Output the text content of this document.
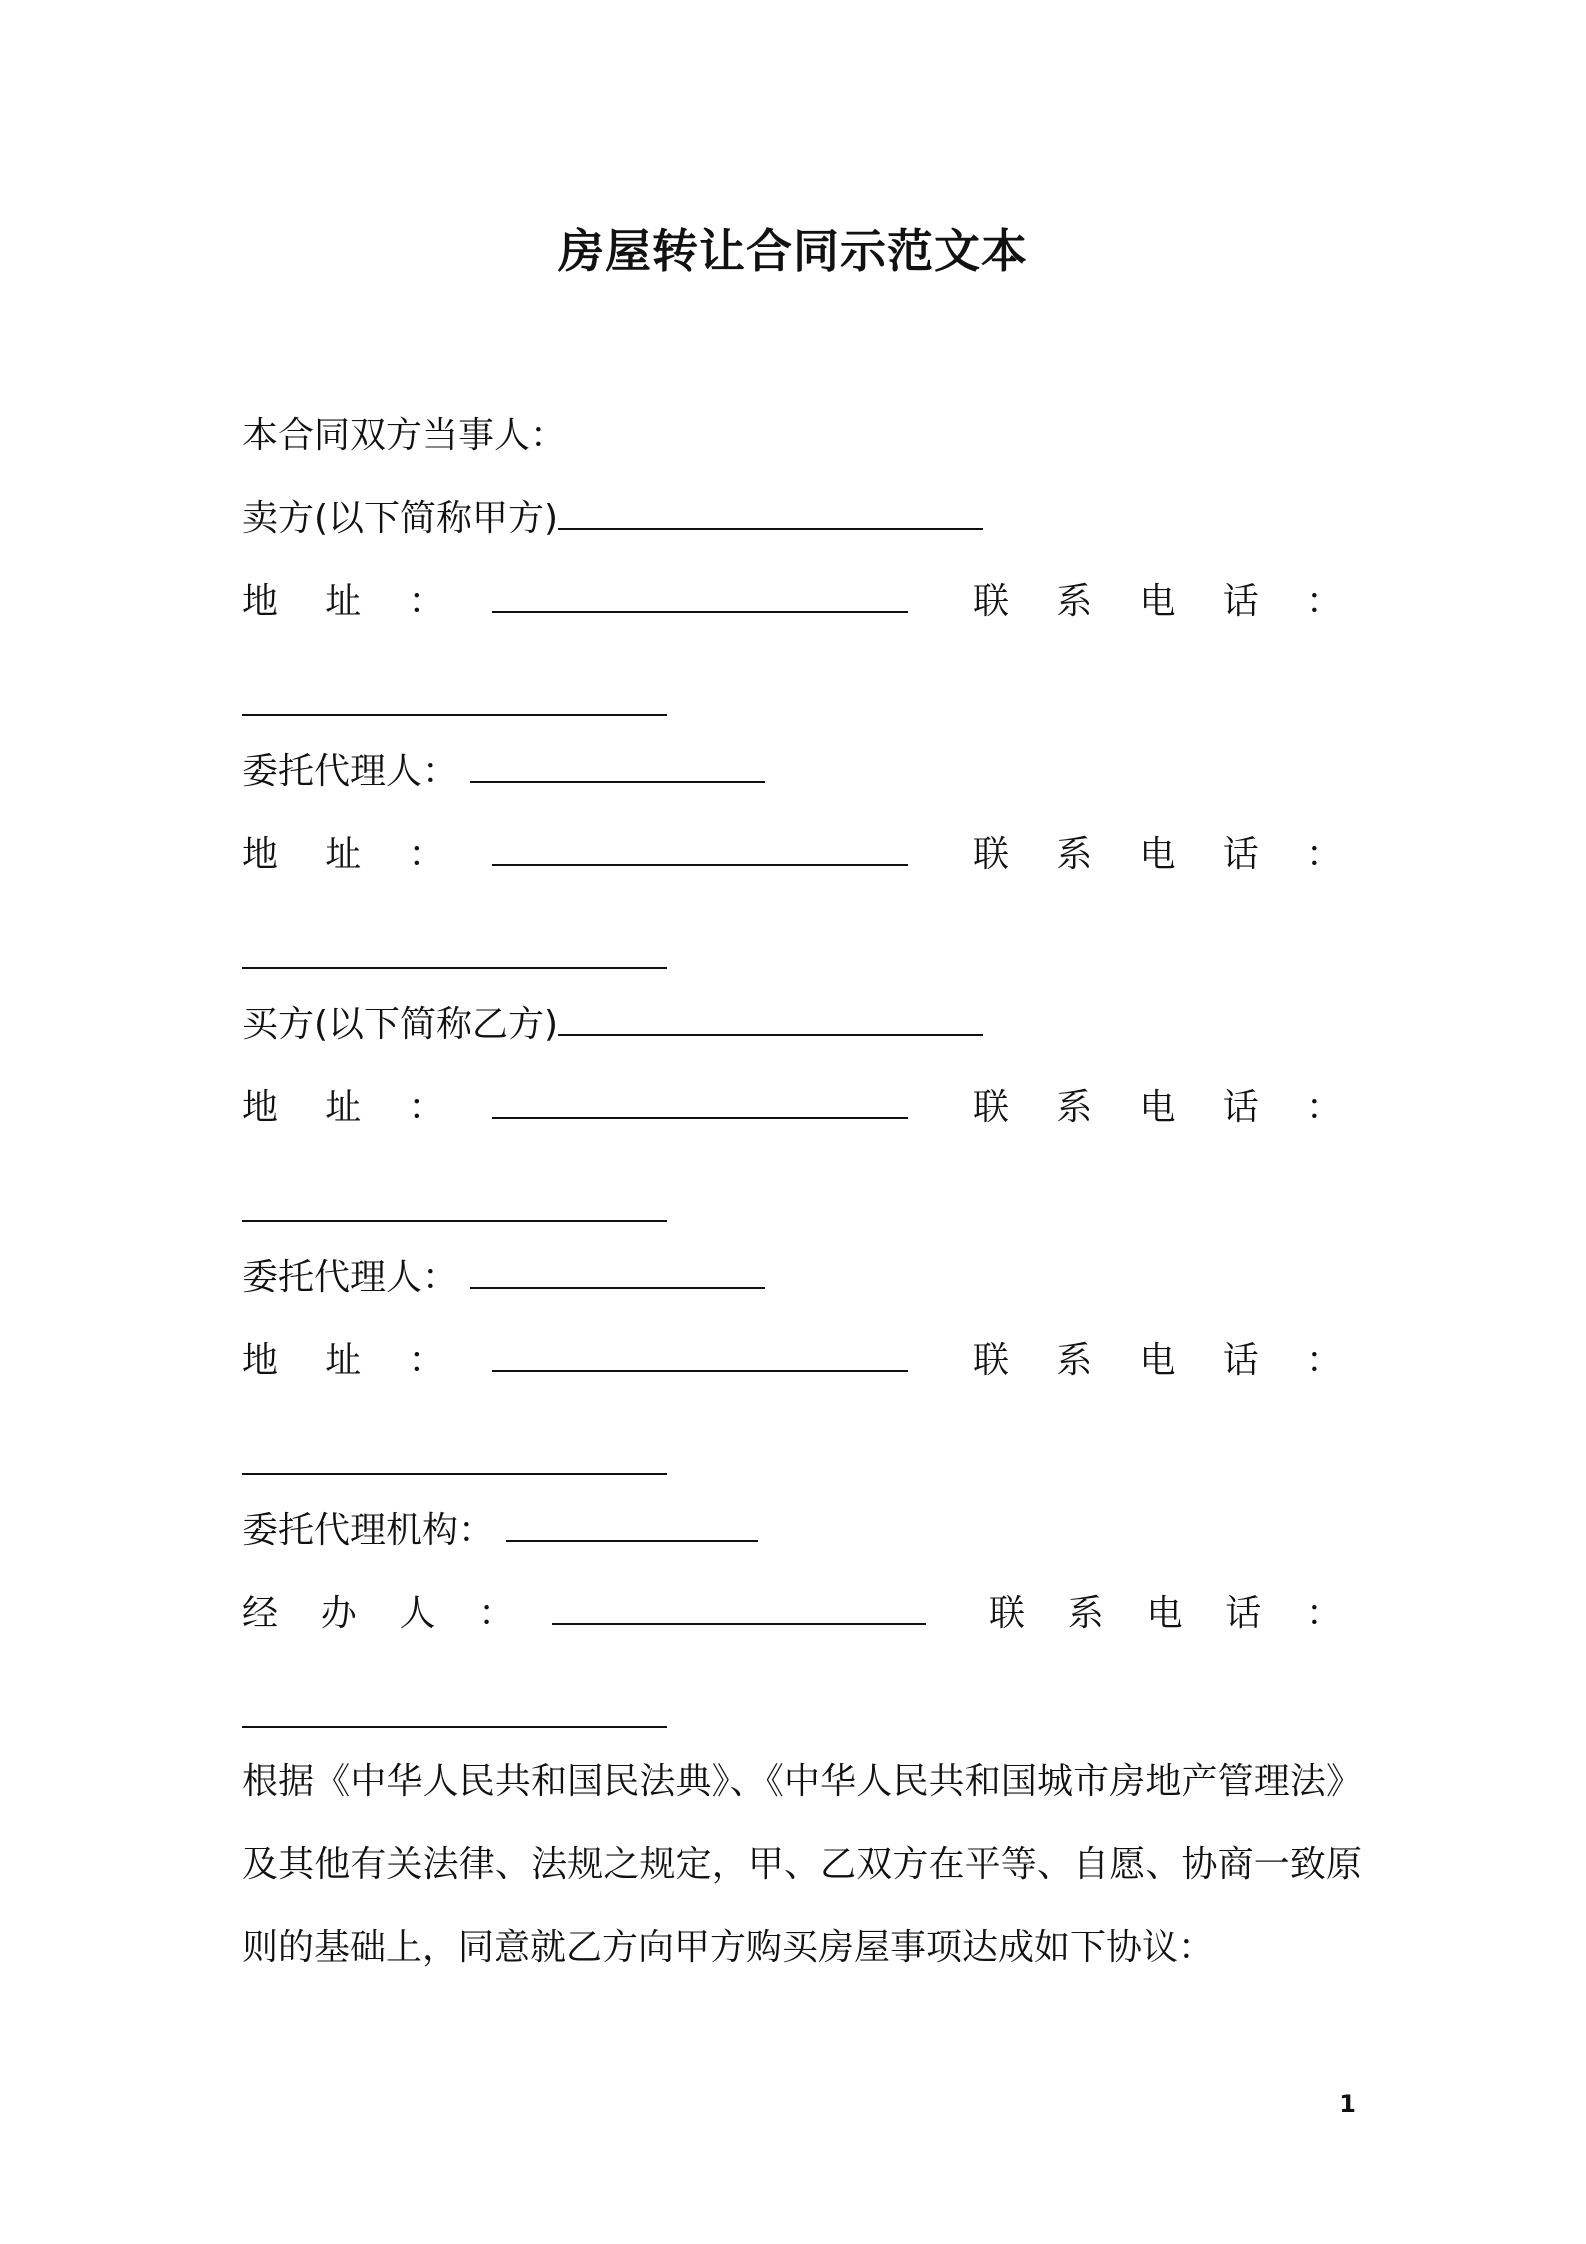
房屋转让合同示范文本
本合同双方当事人：
卖方(以下简称甲方)
地	址	：	联	系	电	话	：
委托代理人：
地	址	：	联	系	电	话	：
买方(以下简称乙方)
地	址	：	联	系	电	话	：
委托代理人：
地	址	：	联	系	电	话	：
委托代理机构：
经	办	人	：	联	系	电	话	：
根据《中华人民共和国民法典》、《中华人民共和国城市房地产管理法》及其他有关法律、法规之规定，甲、乙双方在平等、自愿、协商一致原则的基础上，同意就乙方向甲方购买房屋事项达成如下协议：
1
